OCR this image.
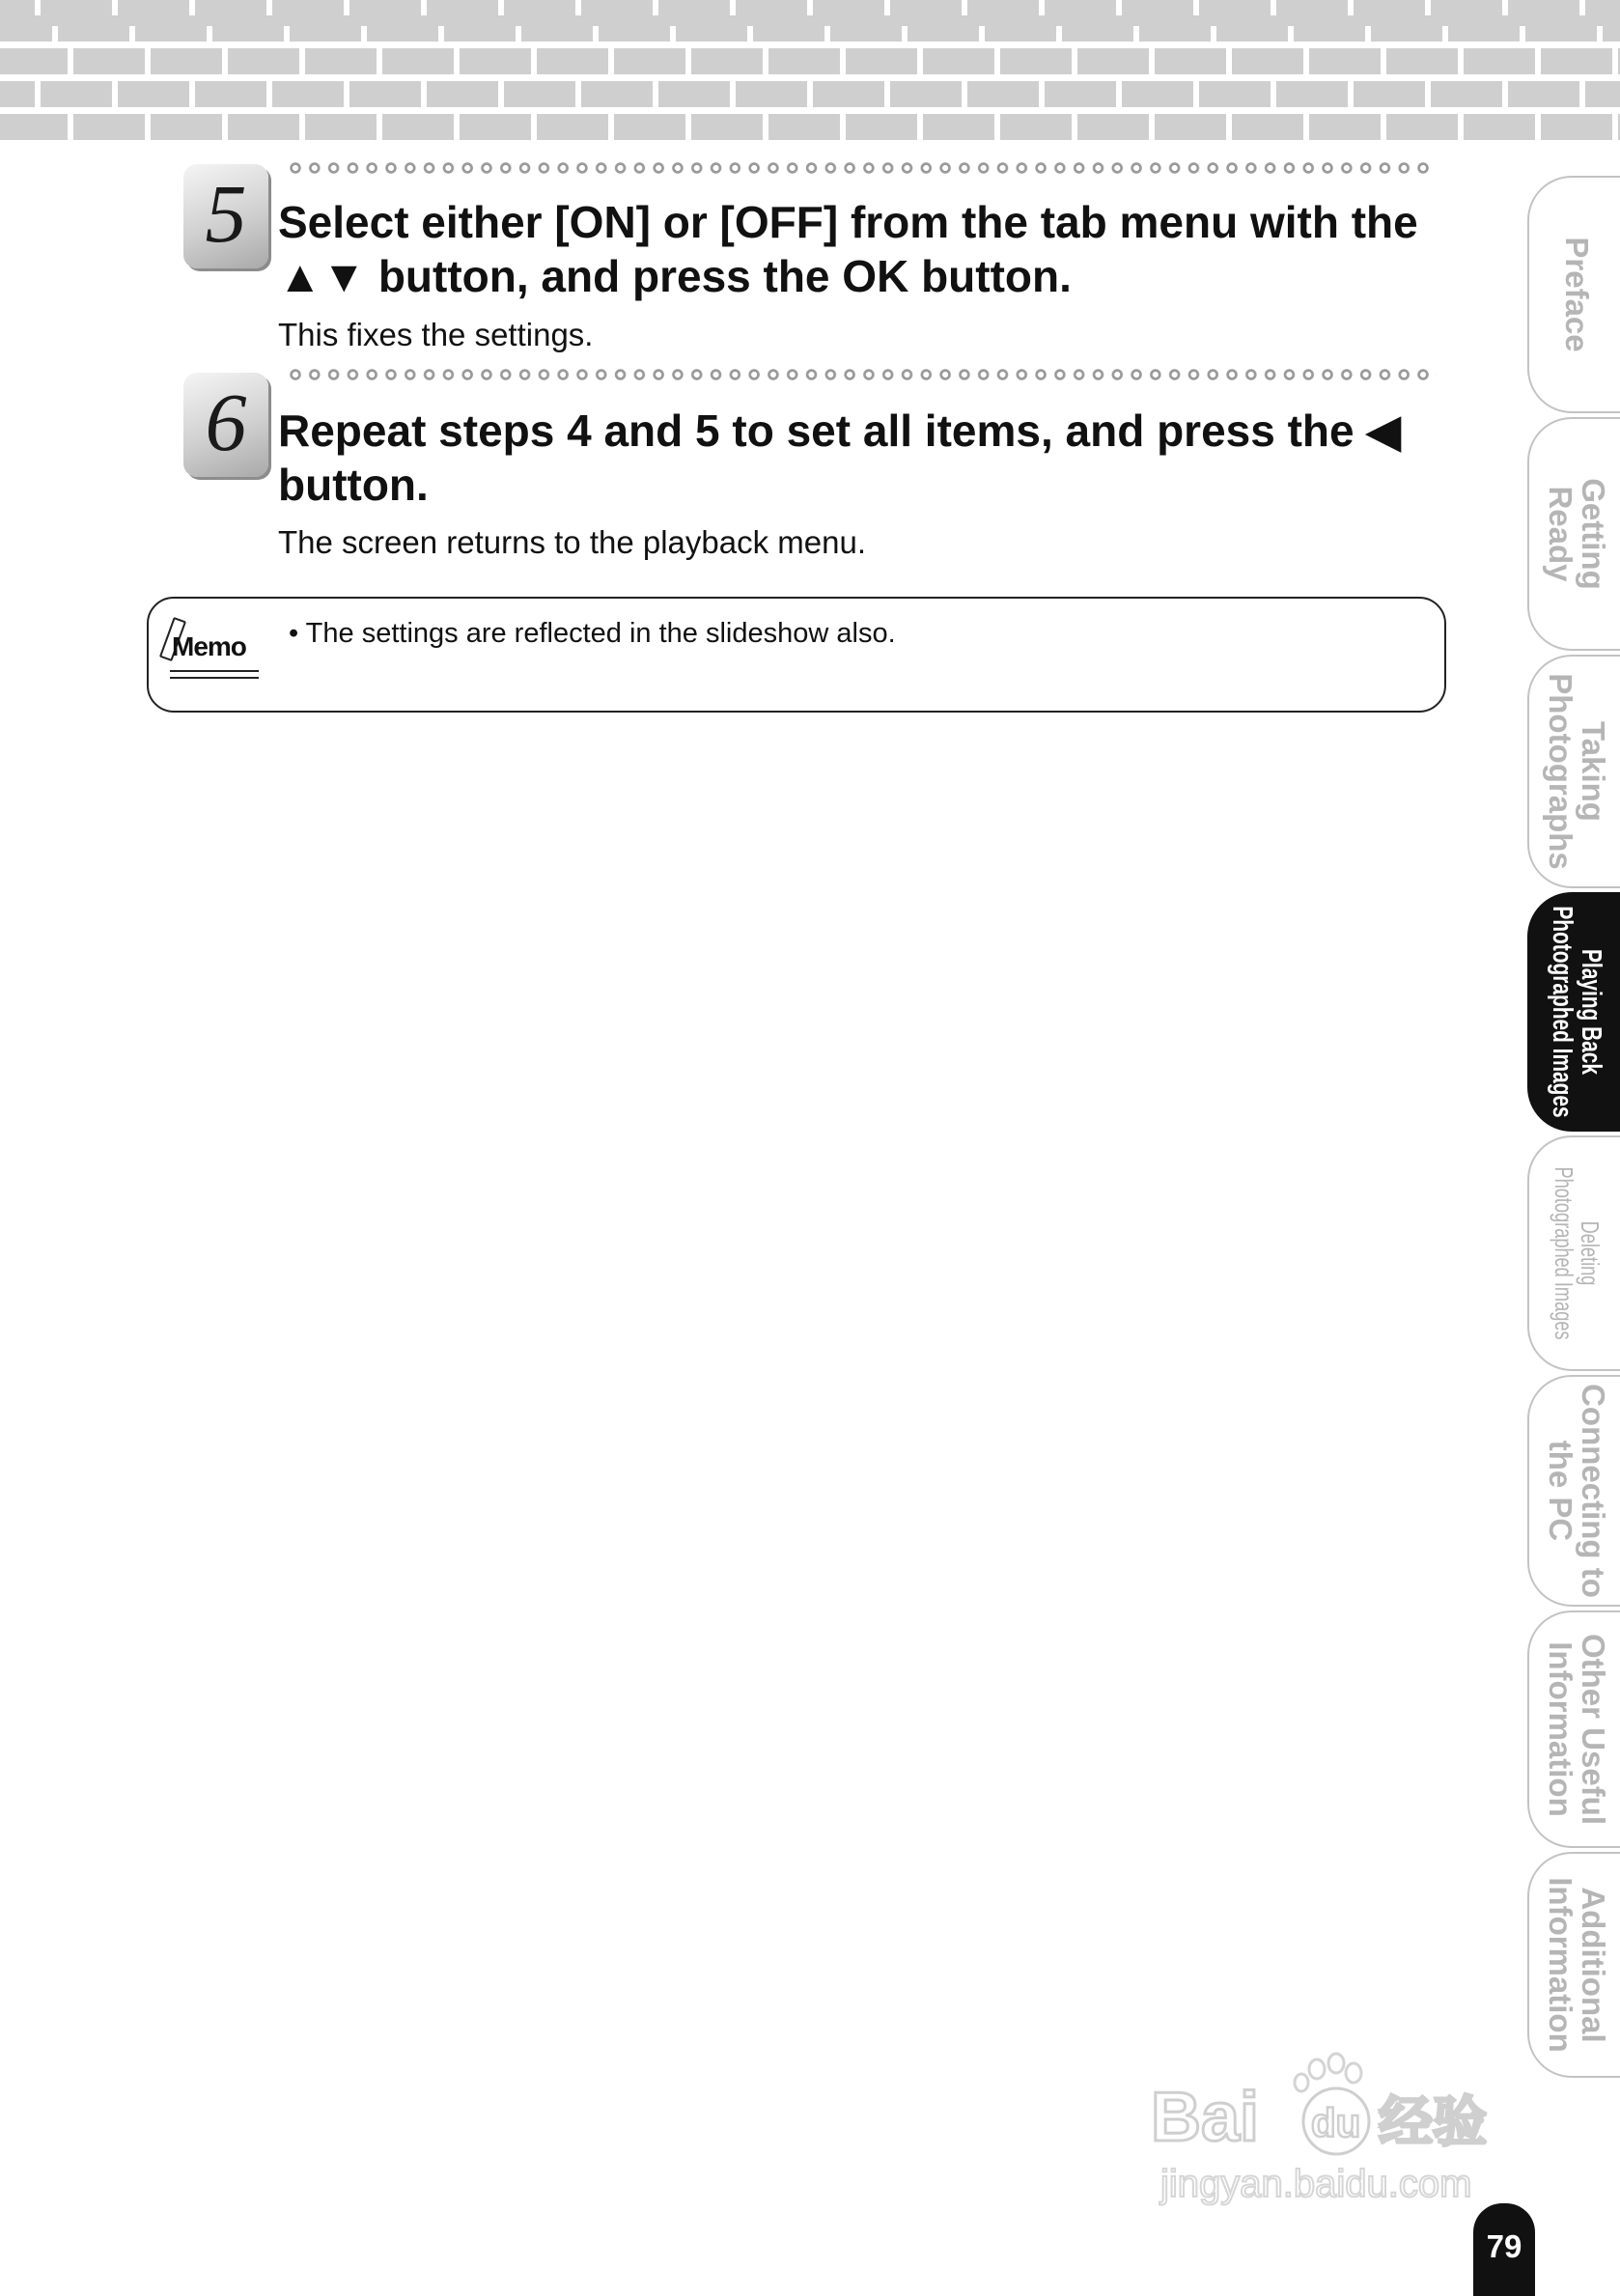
5 Select either [ON] or [OFF] from the tab menu with the
▲▼ button, and press the OK button.
This fixes the settings.
6 Repeat steps 4 and 5 to set all items, and press the ◀
button.
The screen returns to the playback menu.
Memo • The settings are reflected in the slideshow also.
Preface
Getting
Ready
Taking
Photographs
Playing Back
Photographed Images
Deleting
Photographed Images
Connecting to
the PC
Other Useful
Information
Additional
Information
Bai du 经验
jingyan.baidu.com
79
